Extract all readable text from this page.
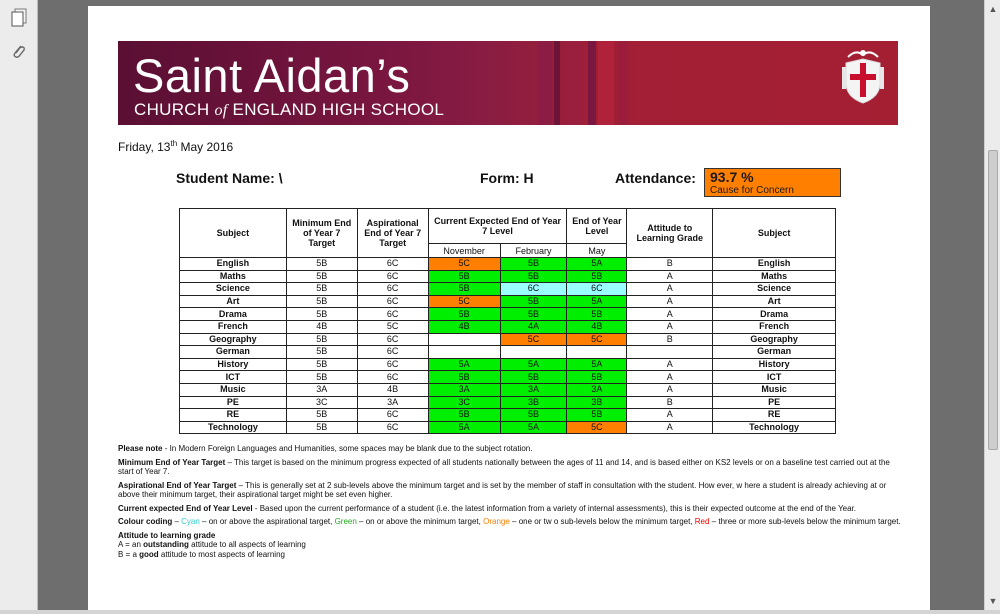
Saint Aidan’s
CHURCH of ENGLAND HIGH SCHOOL
Friday, 13th May 2016
Student Name: \	Form: H	Attendance: 93.7 %
Cause for Concern
Subject	Minimum End of Year 7 Target	Aspirational End of Year 7 Target	Current Expected End of Year 7 Level		End of Year Level	Attitude to Learning Grade	Subject
			November	February	May		
English	5B	6C	5C	5B	5A	B	English
Maths	5B	6C	5B	5B	5B	A	Maths
Science	5B	6C	5B	6C	6C	A	Science
Art	5B	6C	5C	5B	5A	A	Art
Drama	5B	6C	5B	5B	5B	A	Drama
French	4B	5C	4B	4A	4B	A	French
Geography	5B	6C		5C	5C	B	Geography
German	5B	6C					German
History	5B	6C	5A	5A	5A	A	History
ICT	5B	6C	5B	5B	5B	A	ICT
Music	3A	4B	3A	3A	3A	A	Music
PE	3C	3A	3C	3B	3B	B	PE
RE	5B	6C	5B	5B	5B	A	RE
Technology	5B	6C	5A	5A	5C	A	Technology

Please note - In Modern Foreign Languages and Humanities, some spaces may be blank due to the subject rotation.

Minimum End of Year Target – This target is based on the minimum progress expected of all students nationally between the ages of 11 and 14, and is based either on KS2 levels or on a baseline test carried out at the start of Year 7.

Aspirational End of Year Target – This is generally set at 2 sub-levels above the minimum target and is set by the member of staff in consultation with the student. How ever, w here a student is already achieving at or above their minimum target, their aspirational target might be set even higher.

Current expected End of Year Level - Based upon the current performance of a student (i.e. the latest information from a variety of internal assessments), this is their expected outcome at the end of the Year.

Colour coding – Cyan – on or above the aspirational target, Green – on or above the minimum target, Orange – one or tw o sub-levels below the minimum target, Red – three or more sub-levels below the minimum target.

Attitude to learning grade
A = an outstanding attitude to all aspects of learning
B = a good attitude to most aspects of learning

▲
▼
